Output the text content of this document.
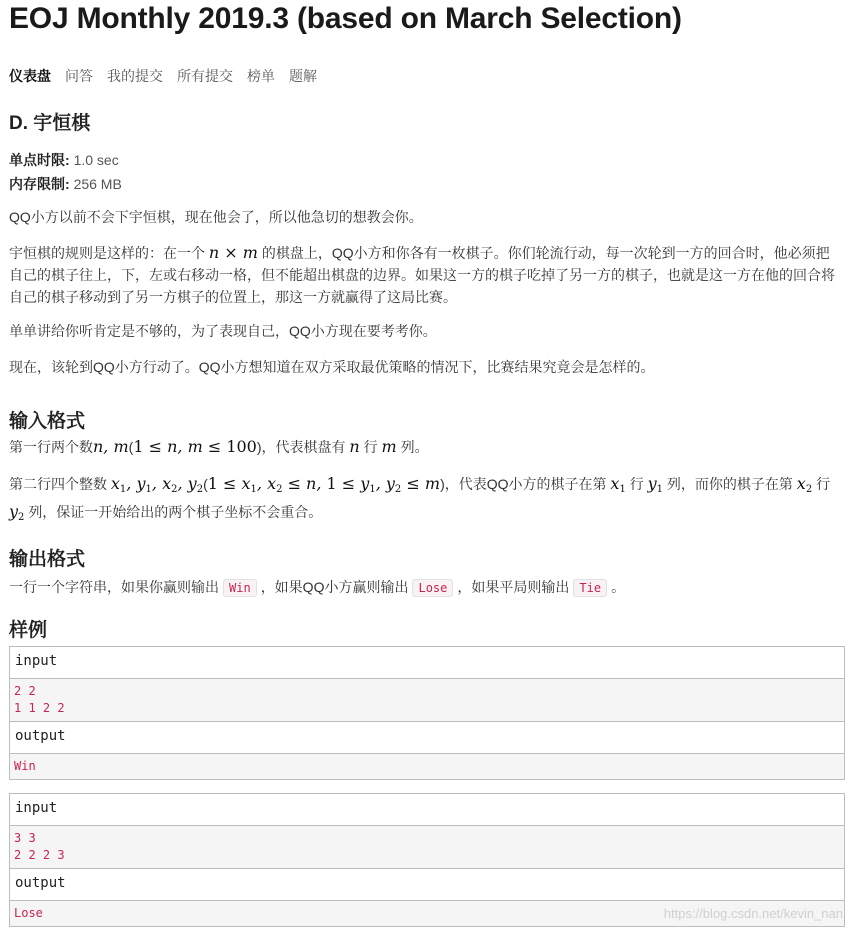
EOJ Monthly 2019.3 (based on March Selection)
仪表盘 问答 我的提交 所有提交 榜单 题解
D. 宇恒棋
单点时限: 1.0 sec
内存限制: 256 MB

QQ小方以前不会下宇恒棋，现在他会了，所以他急切的想教会你。

宇恒棋的规则是这样的：在一个 n × m 的棋盘上，QQ小方和你各有一枚棋子。你们轮流行动，每一次轮到一方的回合时，他必须把自己的棋子往上，下，左或右移动一格，但不能超出棋盘的边界。如果这一方的棋子吃掉了另一方的棋子，也就是这一方在他的回合将自己的棋子移动到了另一方棋子的位置上，那这一方就赢得了这局比赛。

单单讲给你听肯定是不够的，为了表现自己，QQ小方现在要考考你。

现在，该轮到QQ小方行动了。QQ小方想知道在双方采取最优策略的情况下，比赛结果究竟会是怎样的。

输入格式

第一行两个数n, m(1 ≤ n, m ≤ 100)，代表棋盘有 n 行 m 列。

第二行四个整数 $x_1$, $y_1$, $x_2$, $y_2(1 \le x_1$, $x_2 \le n$, $1 \le y_1$, $y_2 \le m$)，代表QQ小方的棋子在第 $x_1$ 行 $y_1$ 列，而你的棋子在第 $x_2$ 行 $y_2$ 列，保证一开始给出的两个棋子坐标不会重合。

输出格式

一行一个字符串，如果你赢则输出 Win ，如果QQ小方赢则输出 Lose ，如果平局则输出 Tie 。

样例
input
2 2
1 1 2 2
output
Win
input
3 3
2 2 2 3
output
Lose	https://blog.csdn.net/kevin_nan
